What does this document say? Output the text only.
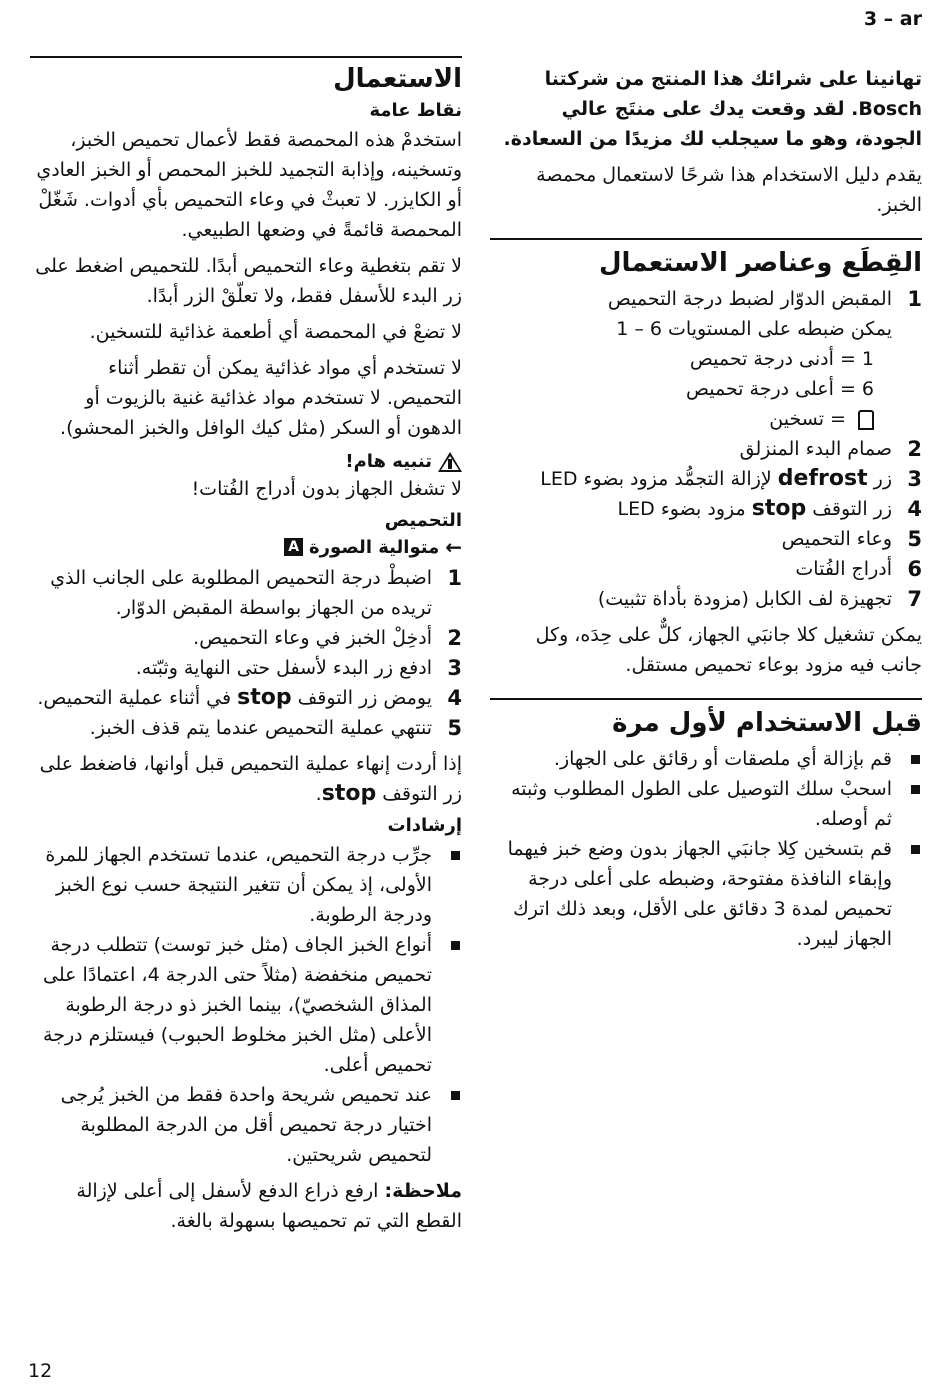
3 – ar

تهانينا على شرائك هذا المنتج من شركتنا Bosch. لقد وقعت يدك على منتَج عالي الجودة، وهو ما سيجلب لك مزيدًا من السعادة.

يقدم دليل الاستخدام هذا شرحًا لاستعمال محمصة الخبز.

القِطَع وعناصر الاستعمال
1
المقبض الدوّار لضبط درجة التحميص
يمكن ضبطه على المستويات 6 – 1
1 = أدنى درجة تحميص
6 = أعلى درجة تحميص
= تسخين
2
صمام البدء المنزلق
3
زر defrost لإزالة التجمُّد مزود بضوء LED
4
زر التوقف stop مزود بضوء LED
5
وعاء التحميص
6
أدراج الفُتات
7
تجهيزة لف الكابل (مزودة بأداة تثبيت)

يمكن تشغيل كلا جانبَي الجهاز، كلٌّ على حِدَه، وكل جانب فيه مزود بوعاء تحميص مستقل.

قبل الاستخدام لأول مرة
قم بإزالة أي ملصقات أو رقائق على الجهاز.
اسحبْ سلك التوصيل على الطول المطلوب وثبته ثم أوصله.
قم بتسخين كِلا جانبَي الجهاز بدون وضع خبز فيهما وإبقاء النافذة مفتوحة، وضبطه على أعلى درجة تحميص لمدة 3 دقائق على الأقل، وبعد ذلك اترك الجهاز ليبرد.
الاستعمال
نقاط عامة

استخدمْ هذه المحمصة فقط لأعمال تحميص الخبز، وتسخينه، وإذابة التجميد للخبز المحمص أو الخبز العادي أو الكايزر. لا تعبثْ في وعاء التحميص بأي أدوات. شَغّلْ المحمصة قائمةً في وضعها الطبيعي.

لا تقم بتغطية وعاء التحميص أبدًا. للتحميص اضغط على زر البدء للأسفل فقط، ولا تعلّقْ الزر أبدًا.

لا تضعْ في المحمصة أي أطعمة غذائية للتسخين.

لا تستخدم أي مواد غذائية يمكن أن تقطر أثناء التحميص. لا تستخدم مواد غذائية غنية بالزيوت أو الدهون أو السكر (مثل كيك الوافل والخبز المحشو).

تنبيه هام!

لا تشغل الجهاز بدون أدراج الفُتات!

التحميص
←
متوالية الصورة
A
1
اضبطْ درجة التحميص المطلوبة على الجانب الذي تريده من الجهاز بواسطة المقبض الدوّار.
2
أدخِلْ الخبز في وعاء التحميص.
3
ادفع زر البدء لأسفل حتى النهاية وثبّته.
4
يومض زر التوقف stop في أثناء عملية التحميص.
5
تنتهي عملية التحميص عندما يتم قذف الخبز.

إذا أردت إنهاء عملية التحميص قبل أوانها، فاضغط على زر التوقف stop.

إرشادات
جرِّب درجة التحميص، عندما تستخدم الجهاز للمرة الأولى، إذ يمكن أن تتغير النتيجة حسب نوع الخبز ودرجة الرطوبة.
أنواع الخبز الجاف (مثل خبز توست) تتطلب درجة تحميص منخفضة (مثلاً حتى الدرجة 4، اعتمادًا على المذاق الشخصيّ)، بينما الخبز ذو درجة الرطوبة الأعلى (مثل الخبز مخلوط الحبوب) فيستلزم درجة تحميص أعلى.
عند تحميص شريحة واحدة فقط من الخبز يُرجى اختيار درجة تحميص أقل من الدرجة المطلوبة لتحميص شريحتين.

ملاحظة: ارفع ذراع الدفع لأسفل إلى أعلى لإزالة القطع التي تم تحميصها بسهولة بالغة.

12
